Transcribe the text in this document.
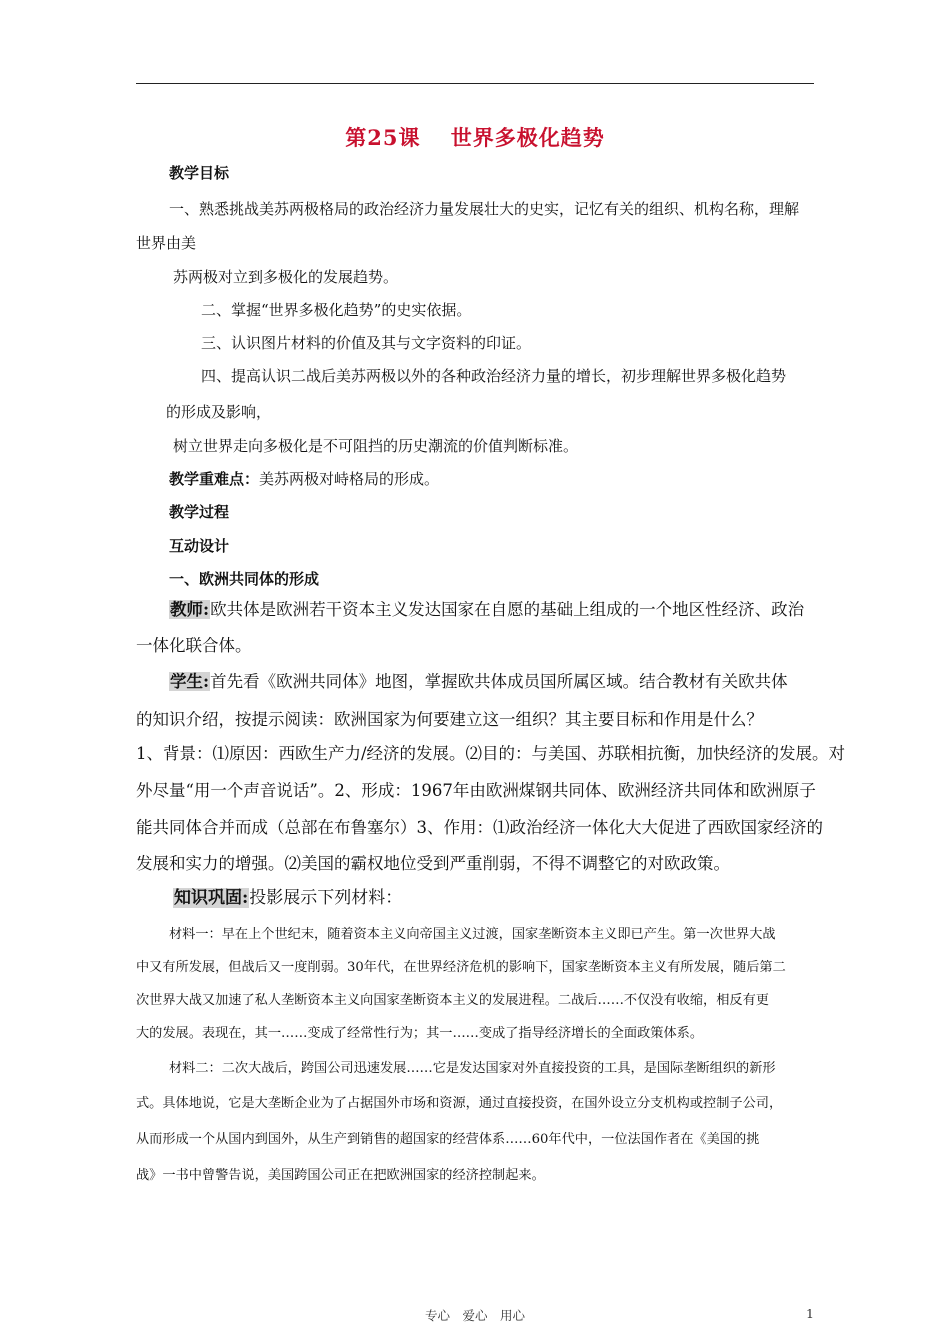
第25课　 世界多极化趋势
教学目标
一、熟悉挑战美苏两极格局的政治经济力量发展壮大的史实，记忆有关的组织、机构名称，理解
世界由美
苏两极对立到多极化的发展趋势。
二、掌握“世界多极化趋势”的史实依据。
三、认识图片材料的价值及其与文字资料的印证。
四、提高认识二战后美苏两极以外的各种政治经济力量的增长，初步理解世界多极化趋势
的形成及影响，
树立世界走向多极化是不可阻挡的历史潮流的价值判断标准。
教学重难点：美苏两极对峙格局的形成。
教学过程
互动设计
一、欧洲共同体的形成
教师:欧共体是欧洲若干资本主义发达国家在自愿的基础上组成的一个地区性经济、政治
一体化联合体。
学生:首先看《欧洲共同体》地图，掌握欧共体成员国所属区域。结合教材有关欧共体
的知识介绍，按提示阅读：欧洲国家为何要建立这一组织？其主要目标和作用是什么？
1、背景：⑴原因：西欧生产力/经济的发展。⑵目的：与美国、苏联相抗衡，加快经济的发展。对
外尽量“用一个声音说话”。2、形成：1967年由欧洲煤钢共同体、欧洲经济共同体和欧洲原子
能共同体合并而成（总部在布鲁塞尔）3、作用：⑴政治经济一体化大大促进了西欧国家经济的
发展和实力的增强。⑵美国的霸权地位受到严重削弱，不得不调整它的对欧政策。
知识巩固:投影展示下列材料：
材料一：早在上个世纪末，随着资本主义向帝国主义过渡，国家垄断资本主义即已产生。第一次世界大战
中又有所发展，但战后又一度削弱。30年代，在世界经济危机的影响下，国家垄断资本主义有所发展，随后第二
次世界大战又加速了私人垄断资本主义向国家垄断资本主义的发展进程。二战后……不仅没有收缩，相反有更
大的发展。表现在，其一……变成了经常性行为；其一……变成了指导经济增长的全面政策体系。
材料二：二次大战后，跨国公司迅速发展……它是发达国家对外直接投资的工具，是国际垄断组织的新形
式。具体地说，它是大垄断企业为了占据国外市场和资源，通过直接投资，在国外设立分支机构或控制子公司，
从而形成一个从国内到国外，从生产到销售的超国家的经营体系……60年代中，一位法国作者在《美国的挑
战》一书中曾警告说，美国跨国公司正在把欧洲国家的经济控制起来。
专心　爱心　用心	1
